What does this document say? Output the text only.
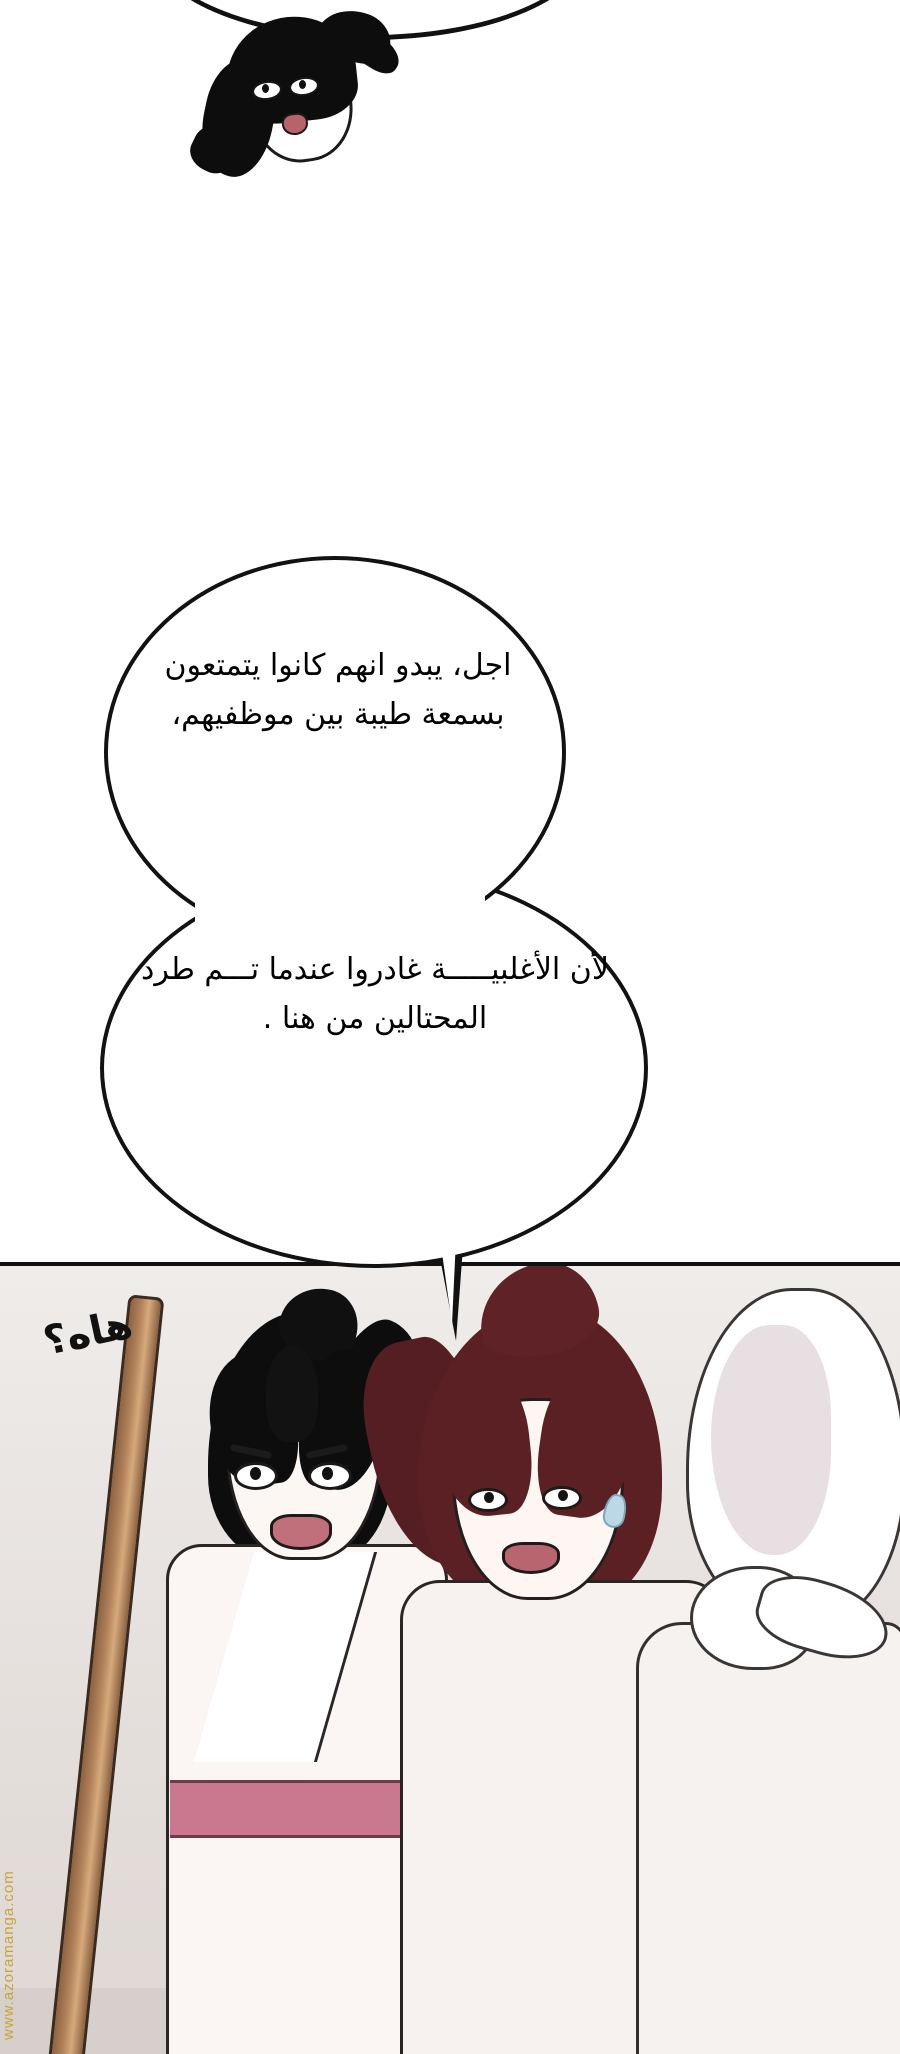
اجل، يبدو انهم كانوا يتمتعون بسمعة طيبة بين موظفيهم،
لأن الأغلبيـــــة غادروا عندما تـــم طرد المحتالين من هنا .
هاه؟
www.azoramanga.com
